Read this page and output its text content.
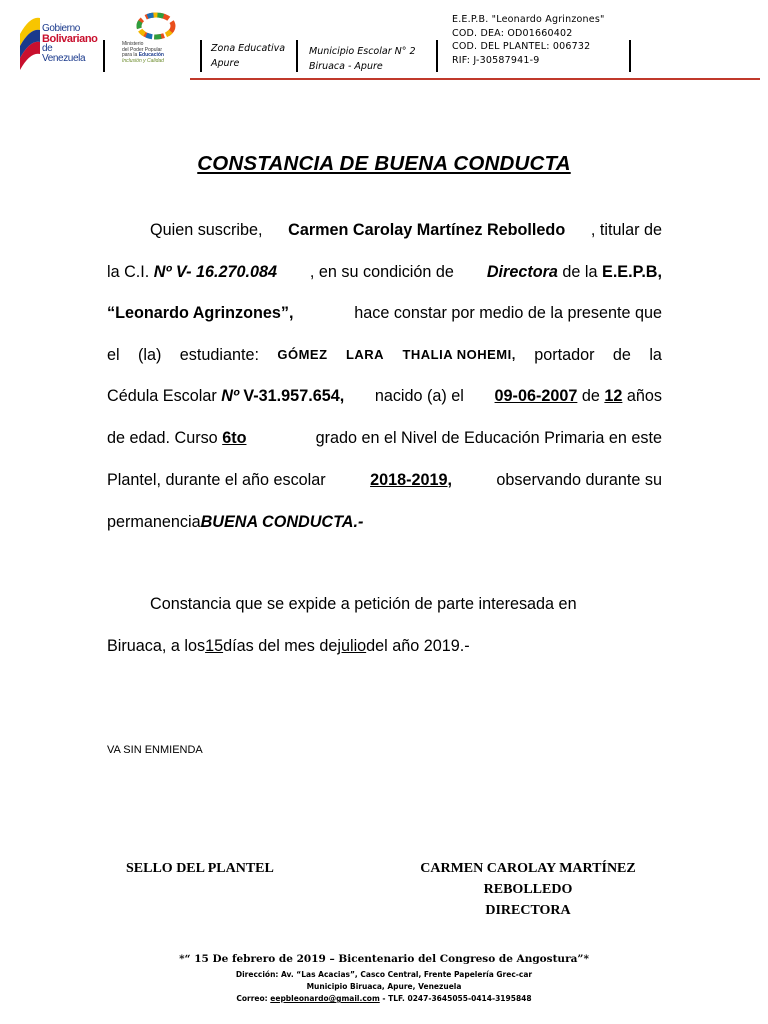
Gobierno
Bolivariano
de Venezuela
Ministerio
del Poder Popular
para la Educación
Inclusión y Calidad
Zona Educativa
Apure
Municipio Escolar N° 2
Biruaca - Apure
E.E.P.B. "Leonardo Agrinzones"
COD. DEA: OD01660402
COD. DEL PLANTEL: 006732
RIF: J-30587941-9
CONSTANCIA DE BUENA CONDUCTA
Quien suscribe, Carmen Carolay Martínez Rebolledo , titular de
la C.I. Nº V- 16.270.084 , en su condición de Directora de la E.E.P.B,
“Leonardo Agrinzones”,	hace constar por medio de la presente que
el (la) estudiante: GÓMEZ LARA THALIA NOHEMI, portador de la
Cédula Escolar Nº V-31.957.654, nacido (a) el 09-06-2007 de 12 años
de edad. Curso 6to	grado en el Nivel de Educación Primaria en este
Plantel, durante el año escolar	2018-2019,	observando durante su
permanencia BUENA CONDUCTA.-
Constancia que se expide a petición de parte interesada en
Biruaca, a los 15 días del mes de julio del año 2019.-
VA SIN ENMIENDA
SELLO DEL PLANTEL	CARMEN CAROLAY MARTÍNEZ REBOLLEDO
DIRECTORA
*“ 15 De febrero de 2019 – Bicentenario del Congreso de Angostura”*
Dirección: Av. “Las Acacias”, Casco Central, Frente Papelería Grec-car
Municipio Biruaca, Apure, Venezuela
Correo: eepbleonardo@gmail.com - TLF. 0247-3645055-0414-3195848
